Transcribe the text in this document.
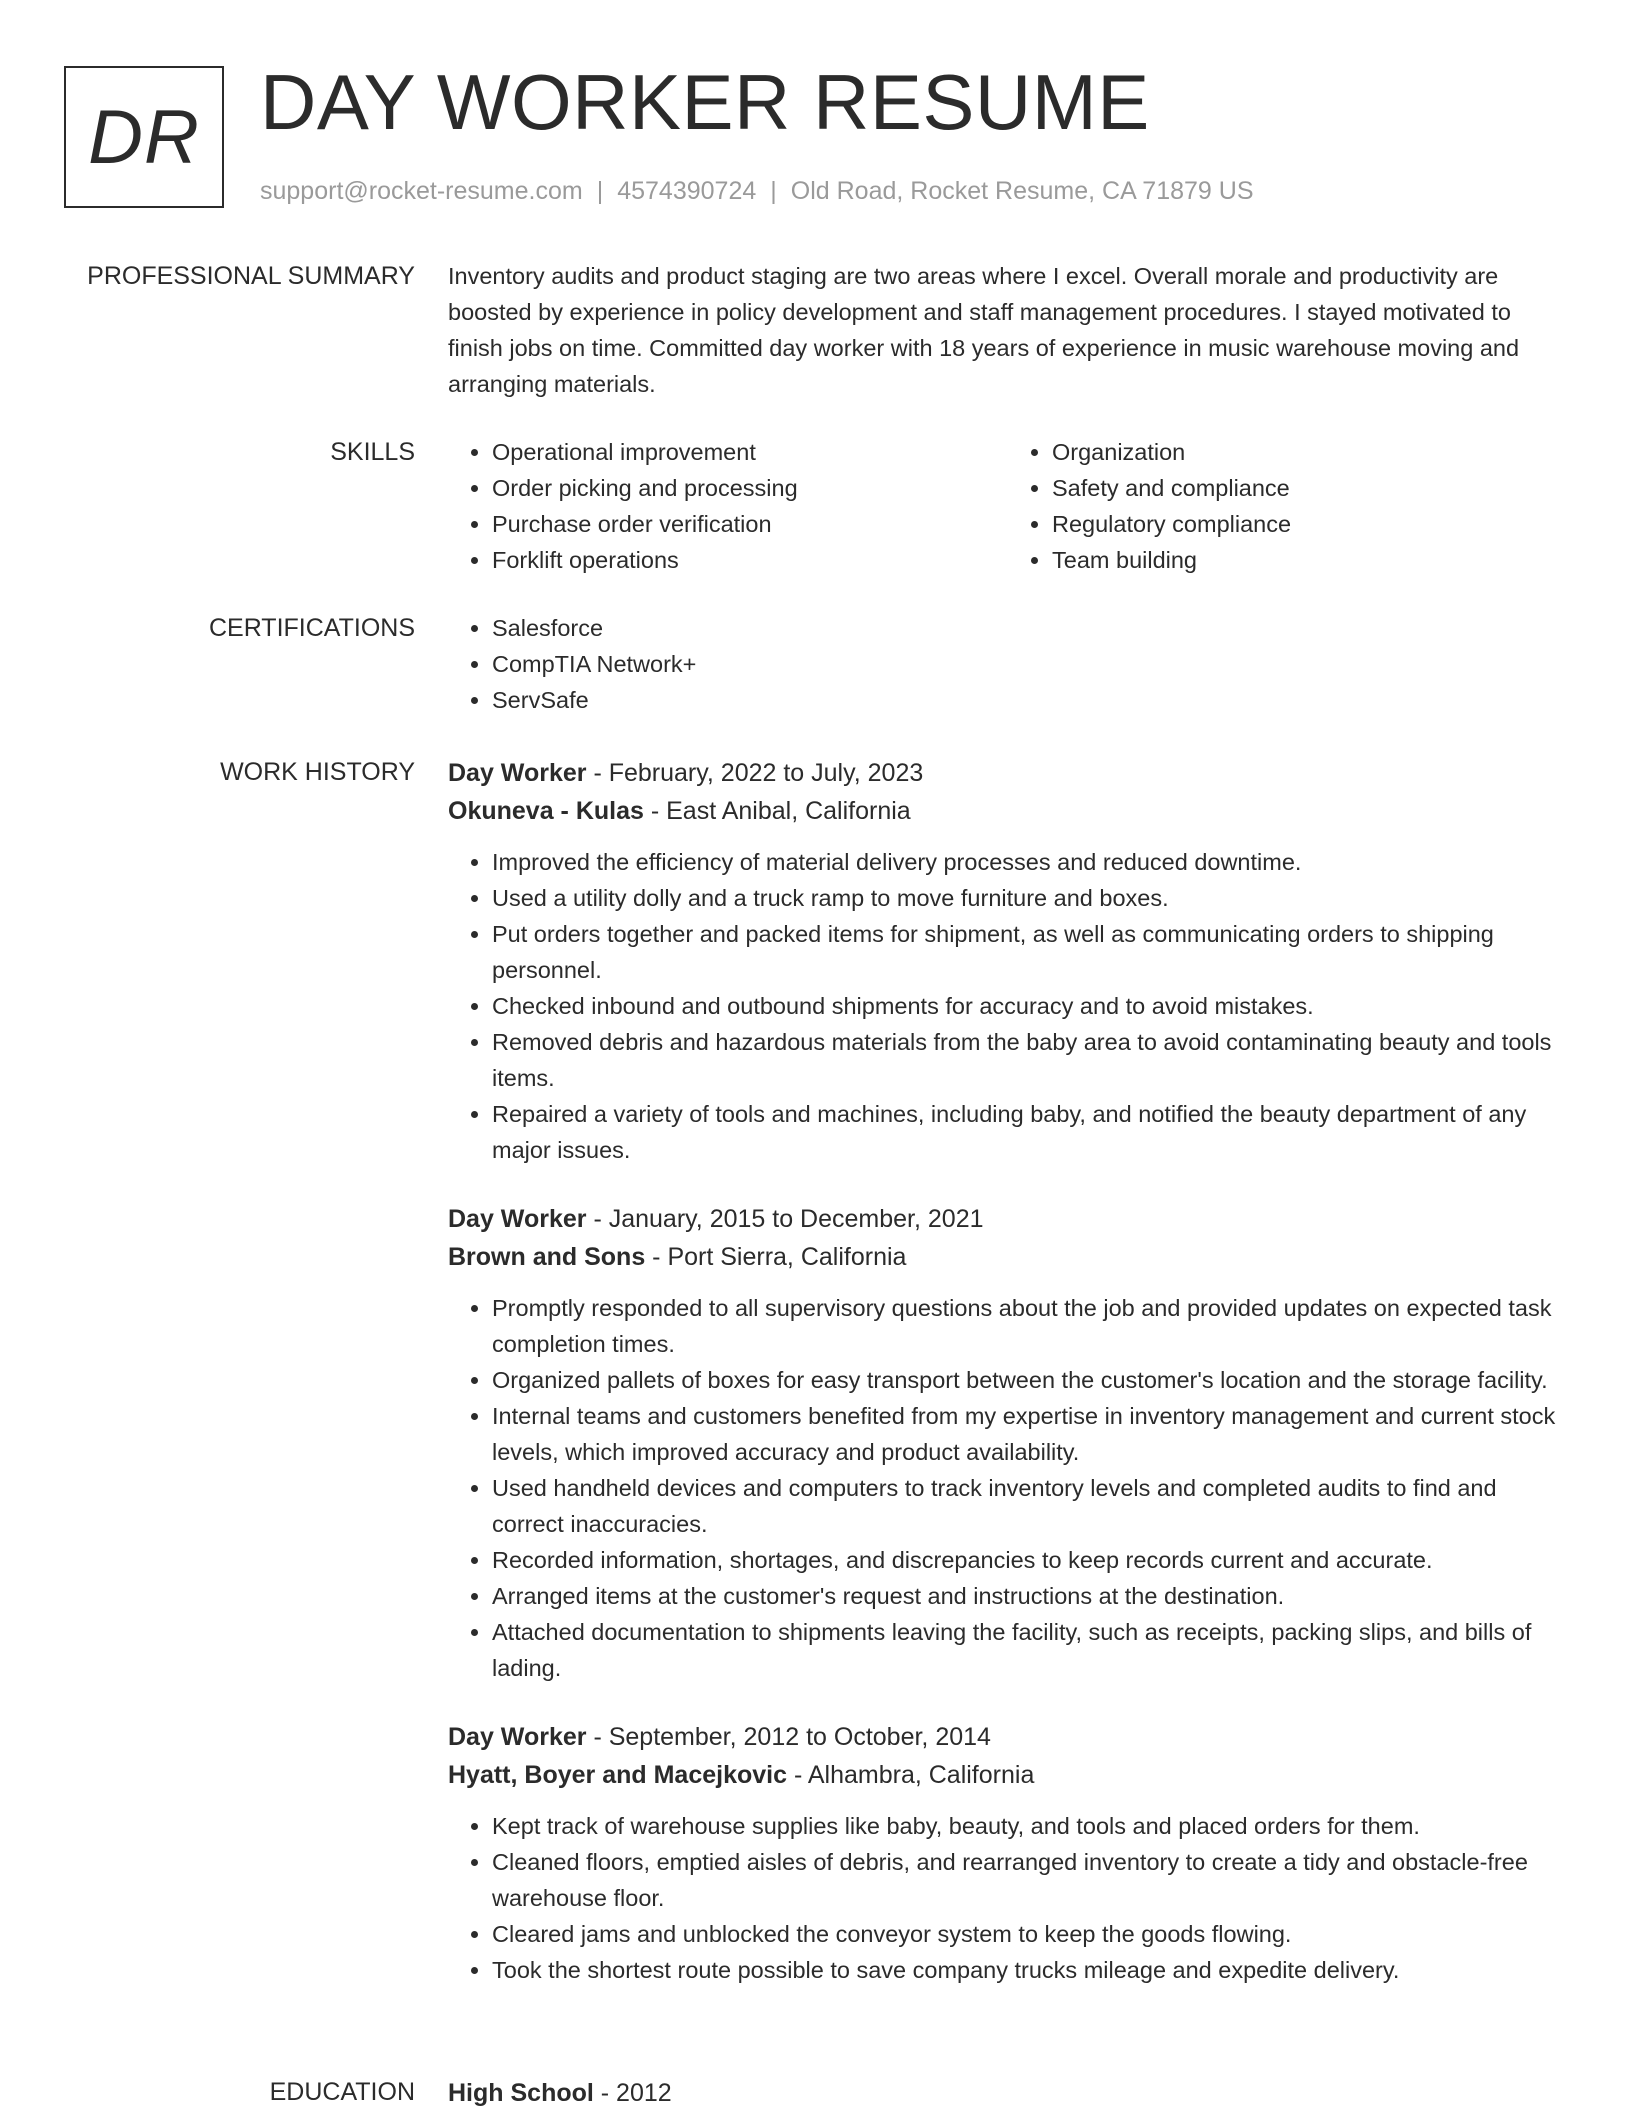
DR DAY WORKER RESUME
support@rocket-resume.com | 4574390724 | Old Road, Rocket Resume, CA 71879 US
PROFESSIONAL SUMMARY Inventory audits and product staging are two areas where I excel. Overall morale and productivity are boosted by experience in policy development and staff management procedures. I stayed motivated to finish jobs on time. Committed day worker with 18 years of experience in music warehouse moving and arranging materials.

SKILLS	• Operational improvement
• Order picking and processing
• Purchase order verification
• Forklift operations
• Organization
• Safety and compliance
• Regulatory compliance
• Team building
CERTIFICATIONS	• Salesforce
• CompTIA Network+
• ServSafe
WORK HISTORY Day Worker - February, 2022 to July, 2023
Okuneva - Kulas - East Anibal, California
• Improved the efficiency of material delivery processes and reduced downtime.
• Used a utility dolly and a truck ramp to move furniture and boxes.
• Put orders together and packed items for shipment, as well as communicating orders to shipping personnel.
• Checked inbound and outbound shipments for accuracy and to avoid mistakes.
• Removed debris and hazardous materials from the baby area to avoid contaminating beauty and tools items.
• Repaired a variety of tools and machines, including baby, and notified the beauty department of any major issues.
Day Worker - January, 2015 to December, 2021
Brown and Sons - Port Sierra, California
• Promptly responded to all supervisory questions about the job and provided updates on expected task completion times.
• Organized pallets of boxes for easy transport between the customer's location and the storage facility.
• Internal teams and customers benefited from my expertise in inventory management and current stock levels, which improved accuracy and product availability.
• Used handheld devices and computers to track inventory levels and completed audits to find and correct inaccuracies.
• Recorded information, shortages, and discrepancies to keep records current and accurate.
• Arranged items at the customer's request and instructions at the destination.
• Attached documentation to shipments leaving the facility, such as receipts, packing slips, and bills of lading.
Day Worker - September, 2012 to October, 2014
Hyatt, Boyer and Macejkovic - Alhambra, California
• Kept track of warehouse supplies like baby, beauty, and tools and placed orders for them.
• Cleaned floors, emptied aisles of debris, and rearranged inventory to create a tidy and obstacle-free warehouse floor.
• Cleared jams and unblocked the conveyor system to keep the goods flowing.
• Took the shortest route possible to save company trucks mileage and expedite delivery.
EDUCATION High School - 2012
